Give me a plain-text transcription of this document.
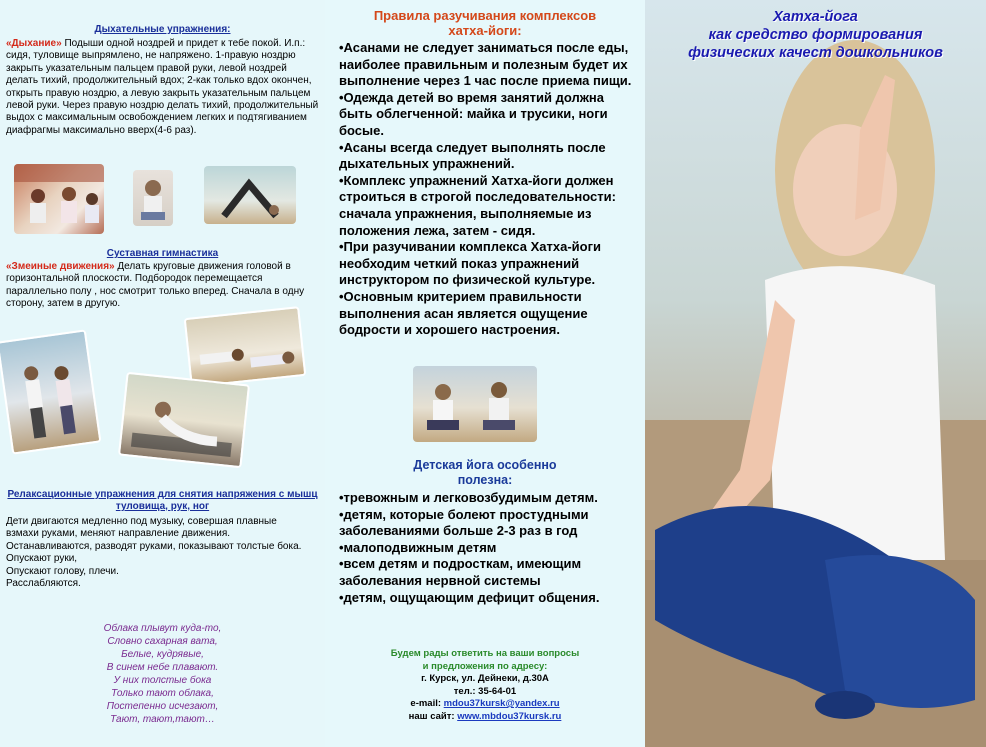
Дыхательные упражнения:

«Дыхание» Подыши одной ноздрей и придет к тебе покой. И.п.: сидя, туловище выпрямлено, не напряжено. 1-правую ноздрю закрыть указательным пальцем правой руки, левой ноздрей делать тихий, продолжительный вдох; 2-как только вдох окончен, открыть правую ноздрю, а левую закрыть указательным пальцем левой руки. Через правую ноздрю делать тихий, продолжительный выдох с максимальным освобождением легких и подтягиванием диафрагмы максимально вверх(4-6 раз).

Суставная гимнастика

«Змеиные движения» Делать круговые движения головой в горизонтальной плоскости. Подбородок перемещается параллельно полу , нос смотрит только вперед. Сначала в одну сторону, затем в другую.

Релаксационные упражнения для снятия напряжения с мышц туловища, рук, ног

Дети двигаются медленно под музыку, совершая плавные взмахи руками, меняют направление движения.

Останавливаются, разводят руками, показывают толстые бока.

Опускают руки,

Опускают голову, плечи.

Расслабляются.

Облака плывут куда-то,

Словно сахарная вата,

Белые, кудрявые,

В синем небе плавают.

У них толстые бока

Только тают облака,

Постепенно исчезают,

Тают, тают,тают…

Правила разучивания комплексов хатха-йоги:
•Асанами не следует заниматься после еды, наиболее правильным и полезным будет их выполнение через 1 час после приема пищи.
•Одежда детей во время занятий должна быть облегченной: майка и трусики, ноги босые.
•Асаны всегда следует выполнять после дыхательных упражнений.
•Комплекс упражнений Хатха-йоги должен строиться в строгой последовательности: сначала упражнения, выполняемые из положения лежа, затем - сидя.
•При разучивании комплекса Хатха-йоги необходим четкий показ упражнений инструктором по физической культуре.
•Основным критерием правильности выполнения асан является ощущение бодрости и хорошего настроения.
Детская йога особенно полезна:
•тревожным и легковозбудимым детям.
•детям, которые болеют простудными заболеваниями больше 2-3 раз в год
•малоподвижным детям
•всем детям и подросткам, имеющим заболевания нервной системы
•детям, ощущающим дефицит общения.
Будем рады ответить на ваши вопросы
и предложения по адресу:
г. Курск, ул. Дейнеки, д.30А
тел.: 35-64-01
e-mail: mdou37kursk@yandex.ru
наш сайт: www.mbdou37kursk.ru
Хатха-йога
как средство формирования
физических качест дошкольников
